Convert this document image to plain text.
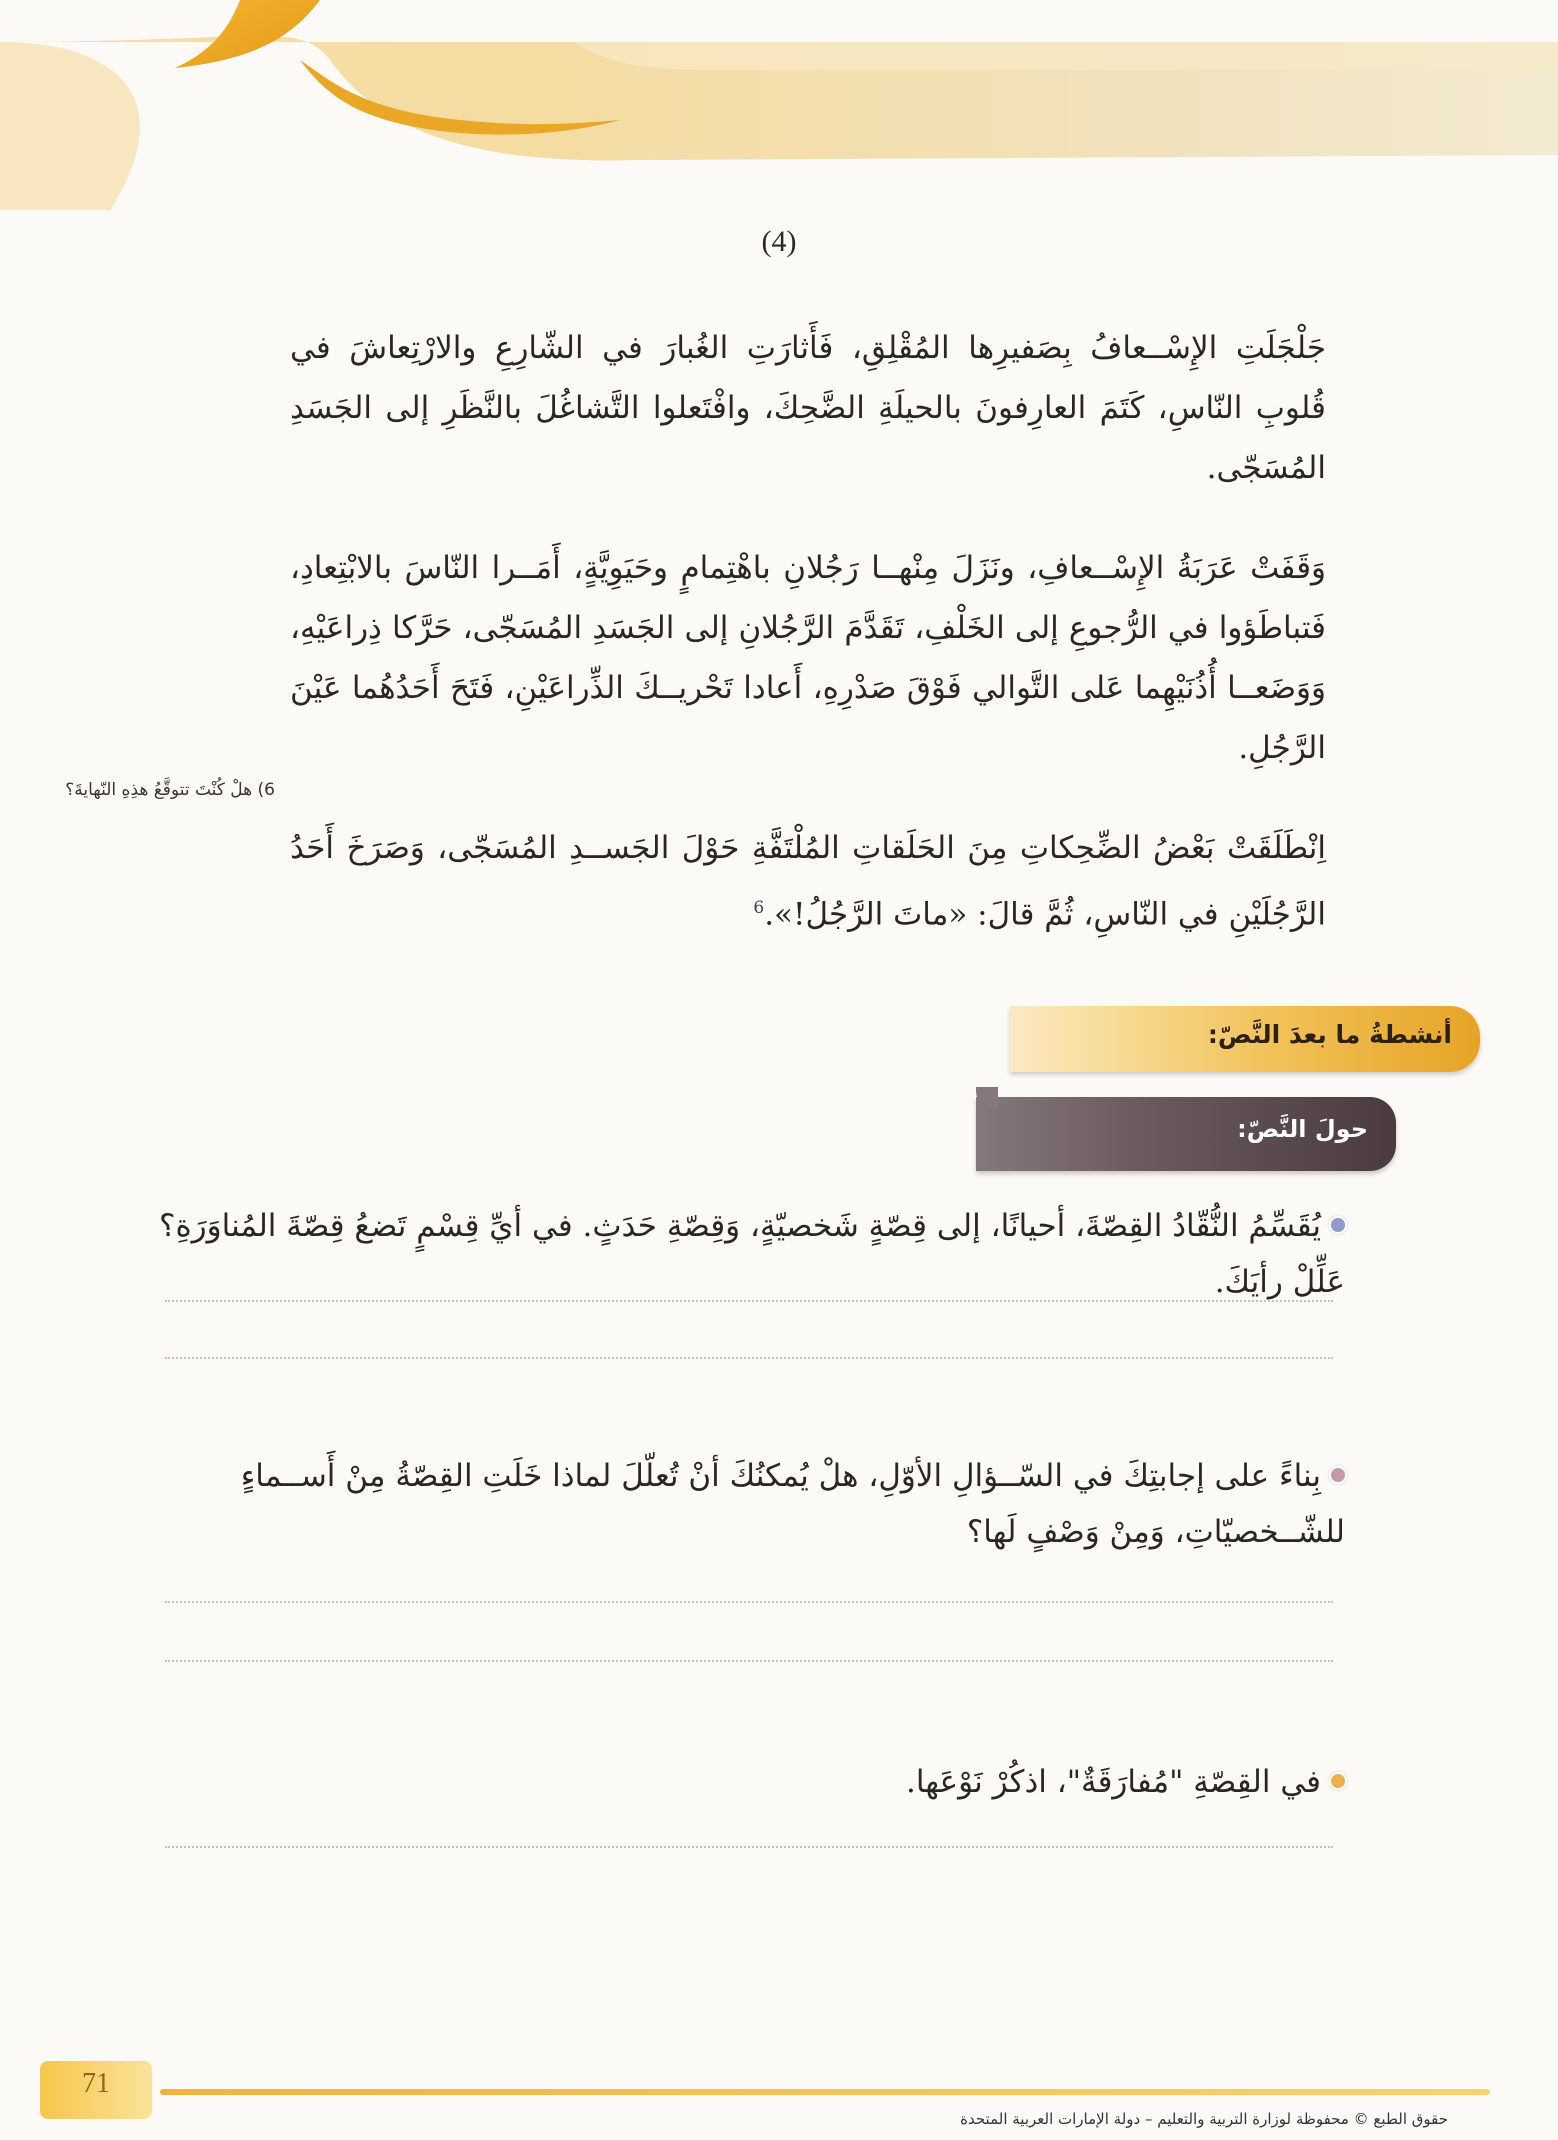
(4)

جَلْجَلَتِ الإِسْــعافُ بِصَفيرِها المُقْلِقِ، فَأَثارَتِ الغُبارَ في الشّارِعِ والارْتِعاشَ في قُلوبِ النّاسِ، كَتَمَ العارِفونَ بالحيلَةِ الضَّحِكَ، وافْتَعلوا التَّشاغُلَ بالنَّظَرِ إلى الجَسَدِ المُسَجّى.

وَقَفَتْ عَرَبَةُ الإِسْــعافِ، ونَزَلَ مِنْهــا رَجُلانِ باهْتِمامٍ وحَيَوِيَّةٍ، أَمَــرا النّاسَ بالابْتِعادِ، فَتباطَؤوا في الرُّجوعِ إلى الخَلْفِ، تَقَدَّمَ الرَّجُلانِ إلى الجَسَدِ المُسَجّى، حَرَّكا ذِراعَيْهِ، وَوَضَعــا أُذُنَيْهِما عَلى التَّوالي فَوْقَ صَدْرِهِ، أَعادا تَحْريــكَ الذِّراعَيْنِ، فَتَحَ أَحَدُهُما عَيْنَ الرَّجُلِ.

اِنْطَلَقَتْ بَعْضُ الضِّحِكاتِ مِنَ الحَلَقاتِ المُلْتَفَّةِ حَوْلَ الجَســدِ المُسَجّى، وَصَرَخَ أَحَدُ الرَّجُلَيْنِ في النّاسِ، ثُمَّ قالَ: «ماتَ الرَّجُلُ!».$^6$

6) هلْ كُنْتَ تتوقَّعُ هذِهِ النّهايةَ؟
أنشطةُ ما بعدَ النَّصّ:
حولَ النَّصّ:
يُقَسِّمُ النُّقّادُ القِصّةَ، أحيانًا، إلى قِصّةٍ شَخصيّةٍ، وَقِصّةِ حَدَثٍ. في أيِّ قِسْمٍ تَضعُ قِصّةَ المُناوَرَةِ؟ عَلِّلْ رأيَكَ.
بِناءً على إجابتِكَ في السّــؤالِ الأوّلِ، هلْ يُمكنُكَ أنْ تُعلّلَ لماذا خَلَتِ القِصّةُ مِنْ أَســماءٍ للشّــخصيّاتِ، وَمِنْ وَصْفٍ لَها؟
في القِصّةِ "مُفارَقَةٌ"، اذكُرْ نَوْعَها.
71
حقوق الطبع © محفوظة لوزارة التربية والتعليم – دولة الإمارات العربية المتحدة
